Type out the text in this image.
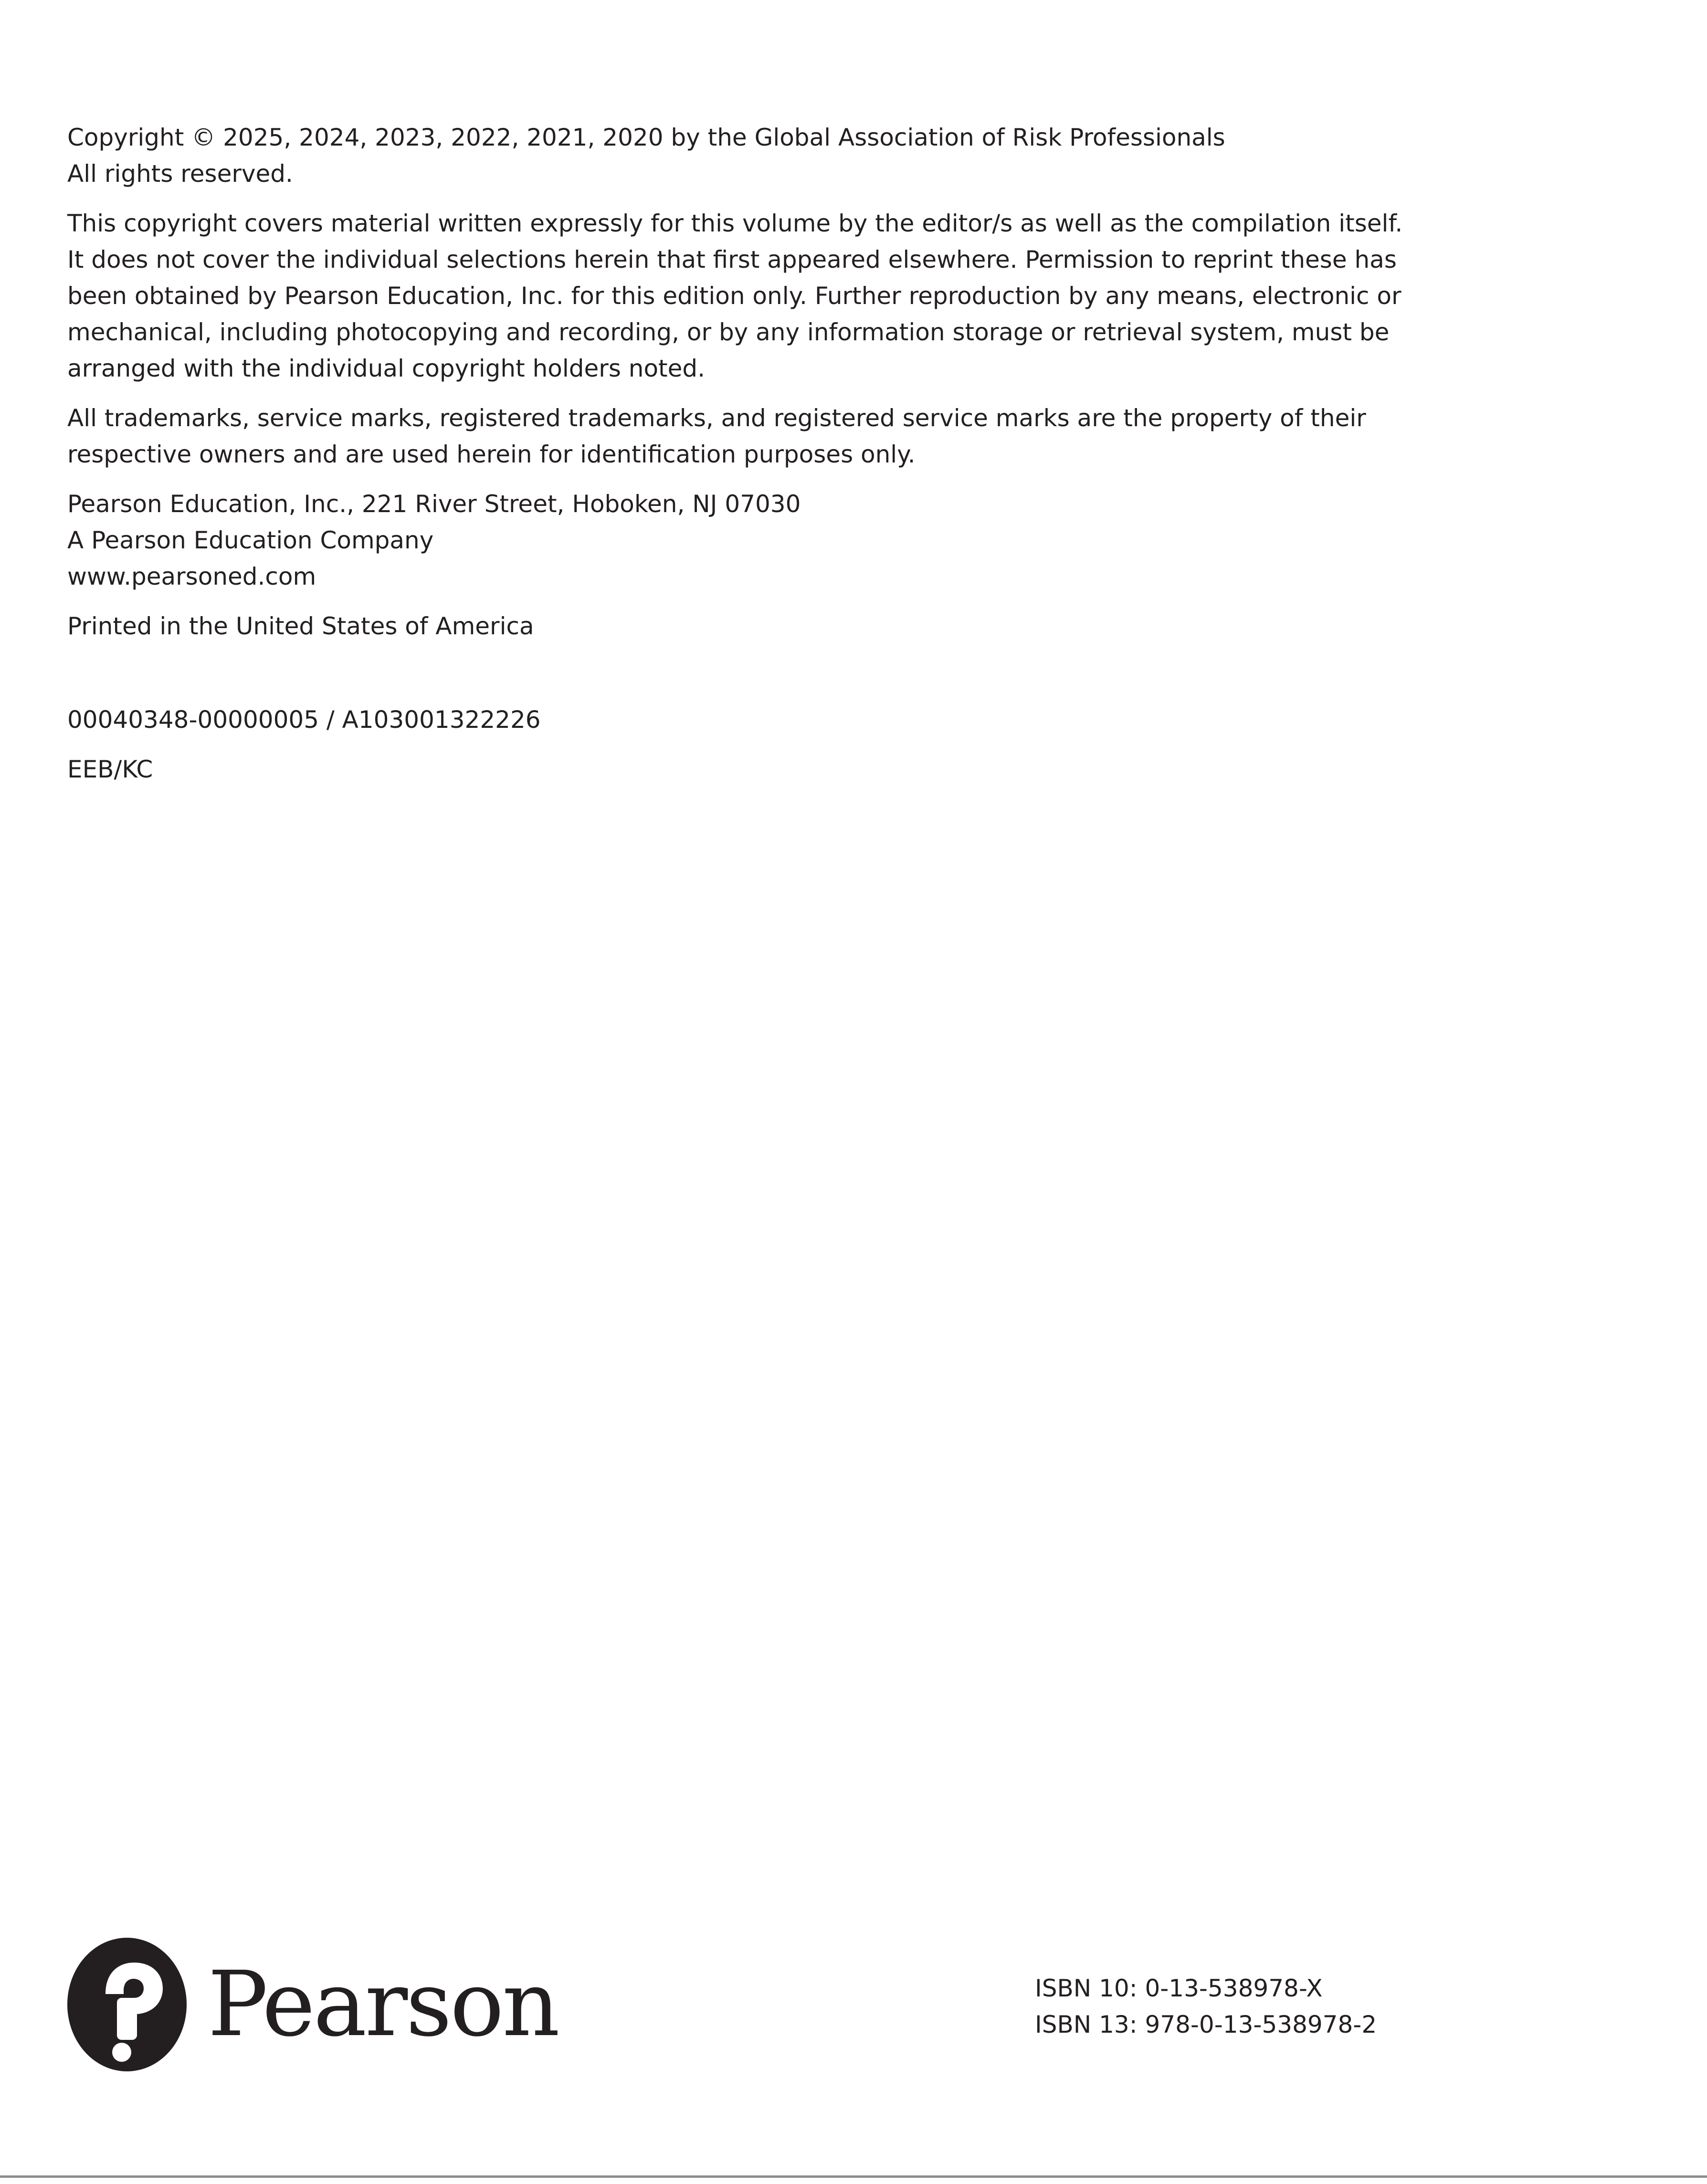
Copyright © 2025, 2024, 2023, 2022, 2021, 2020 by the Global Association of Risk Professionals
All rights reserved.

This copyright covers material written expressly for this volume by the editor/s as well as the compilation itself.
It does not cover the individual selections herein that first appeared elsewhere. Permission to reprint these has
been obtained by Pearson Education, Inc. for this edition only. Further reproduction by any means, electronic or
mechanical, including photocopying and recording, or by any information storage or retrieval system, must be
arranged with the individual copyright holders noted.

All trademarks, service marks, registered trademarks, and registered service marks are the property of their
respective owners and are used herein for identification purposes only.

Pearson Education, Inc., 221 River Street, Hoboken, NJ 07030
A Pearson Education Company
www.pearsoned.com

Printed in the United States of America

00040348-00000005 / A103001322226

EEB/KC

Pearson	ISBN 10: 0-13-538978-X
ISBN 13: 978-0-13-538978-2
